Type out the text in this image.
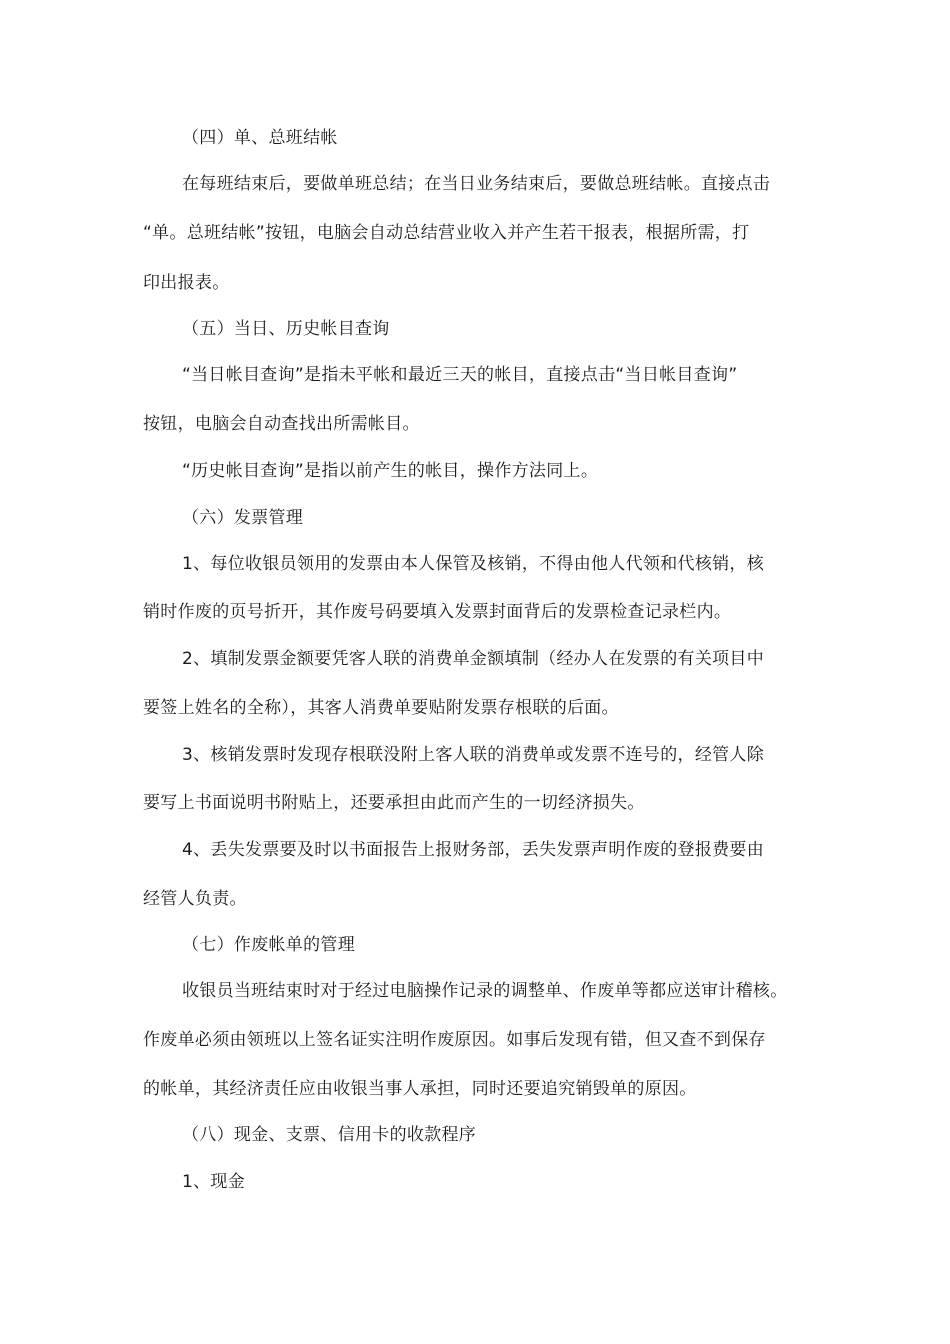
（四）单、总班结帐
在每班结束后，要做单班总结；在当日业务结束后，要做总班结帐。直接点击
“单。总班结帐”按钮，电脑会自动总结营业收入并产生若干报表，根据所需，打
印出报表。
（五）当日、历史帐目查询
“当日帐目查询”是指未平帐和最近三天的帐目，直接点击“当日帐目查询”
按钮，电脑会自动查找出所需帐目。
“历史帐目查询”是指以前产生的帐目，操作方法同上。
（六）发票管理
1、每位收银员领用的发票由本人保管及核销，不得由他人代领和代核销，核
销时作废的页号折开，其作废号码要填入发票封面背后的发票检查记录栏内。
2、填制发票金额要凭客人联的消费单金额填制（经办人在发票的有关项目中
要签上姓名的全称），其客人消费单要贴附发票存根联的后面。
3、核销发票时发现存根联没附上客人联的消费单或发票不连号的，经管人除
要写上书面说明书附贴上，还要承担由此而产生的一切经济损失。
4、丢失发票要及时以书面报告上报财务部，丢失发票声明作废的登报费要由
经管人负责。
（七）作废帐单的管理
收银员当班结束时对于经过电脑操作记录的调整单、作废单等都应送审计稽核。
作废单必须由领班以上签名证实注明作废原因。如事后发现有错，但又查不到保存
的帐单，其经济责任应由收银当事人承担，同时还要追究销毁单的原因。
（八）现金、支票、信用卡的收款程序
1、现金
